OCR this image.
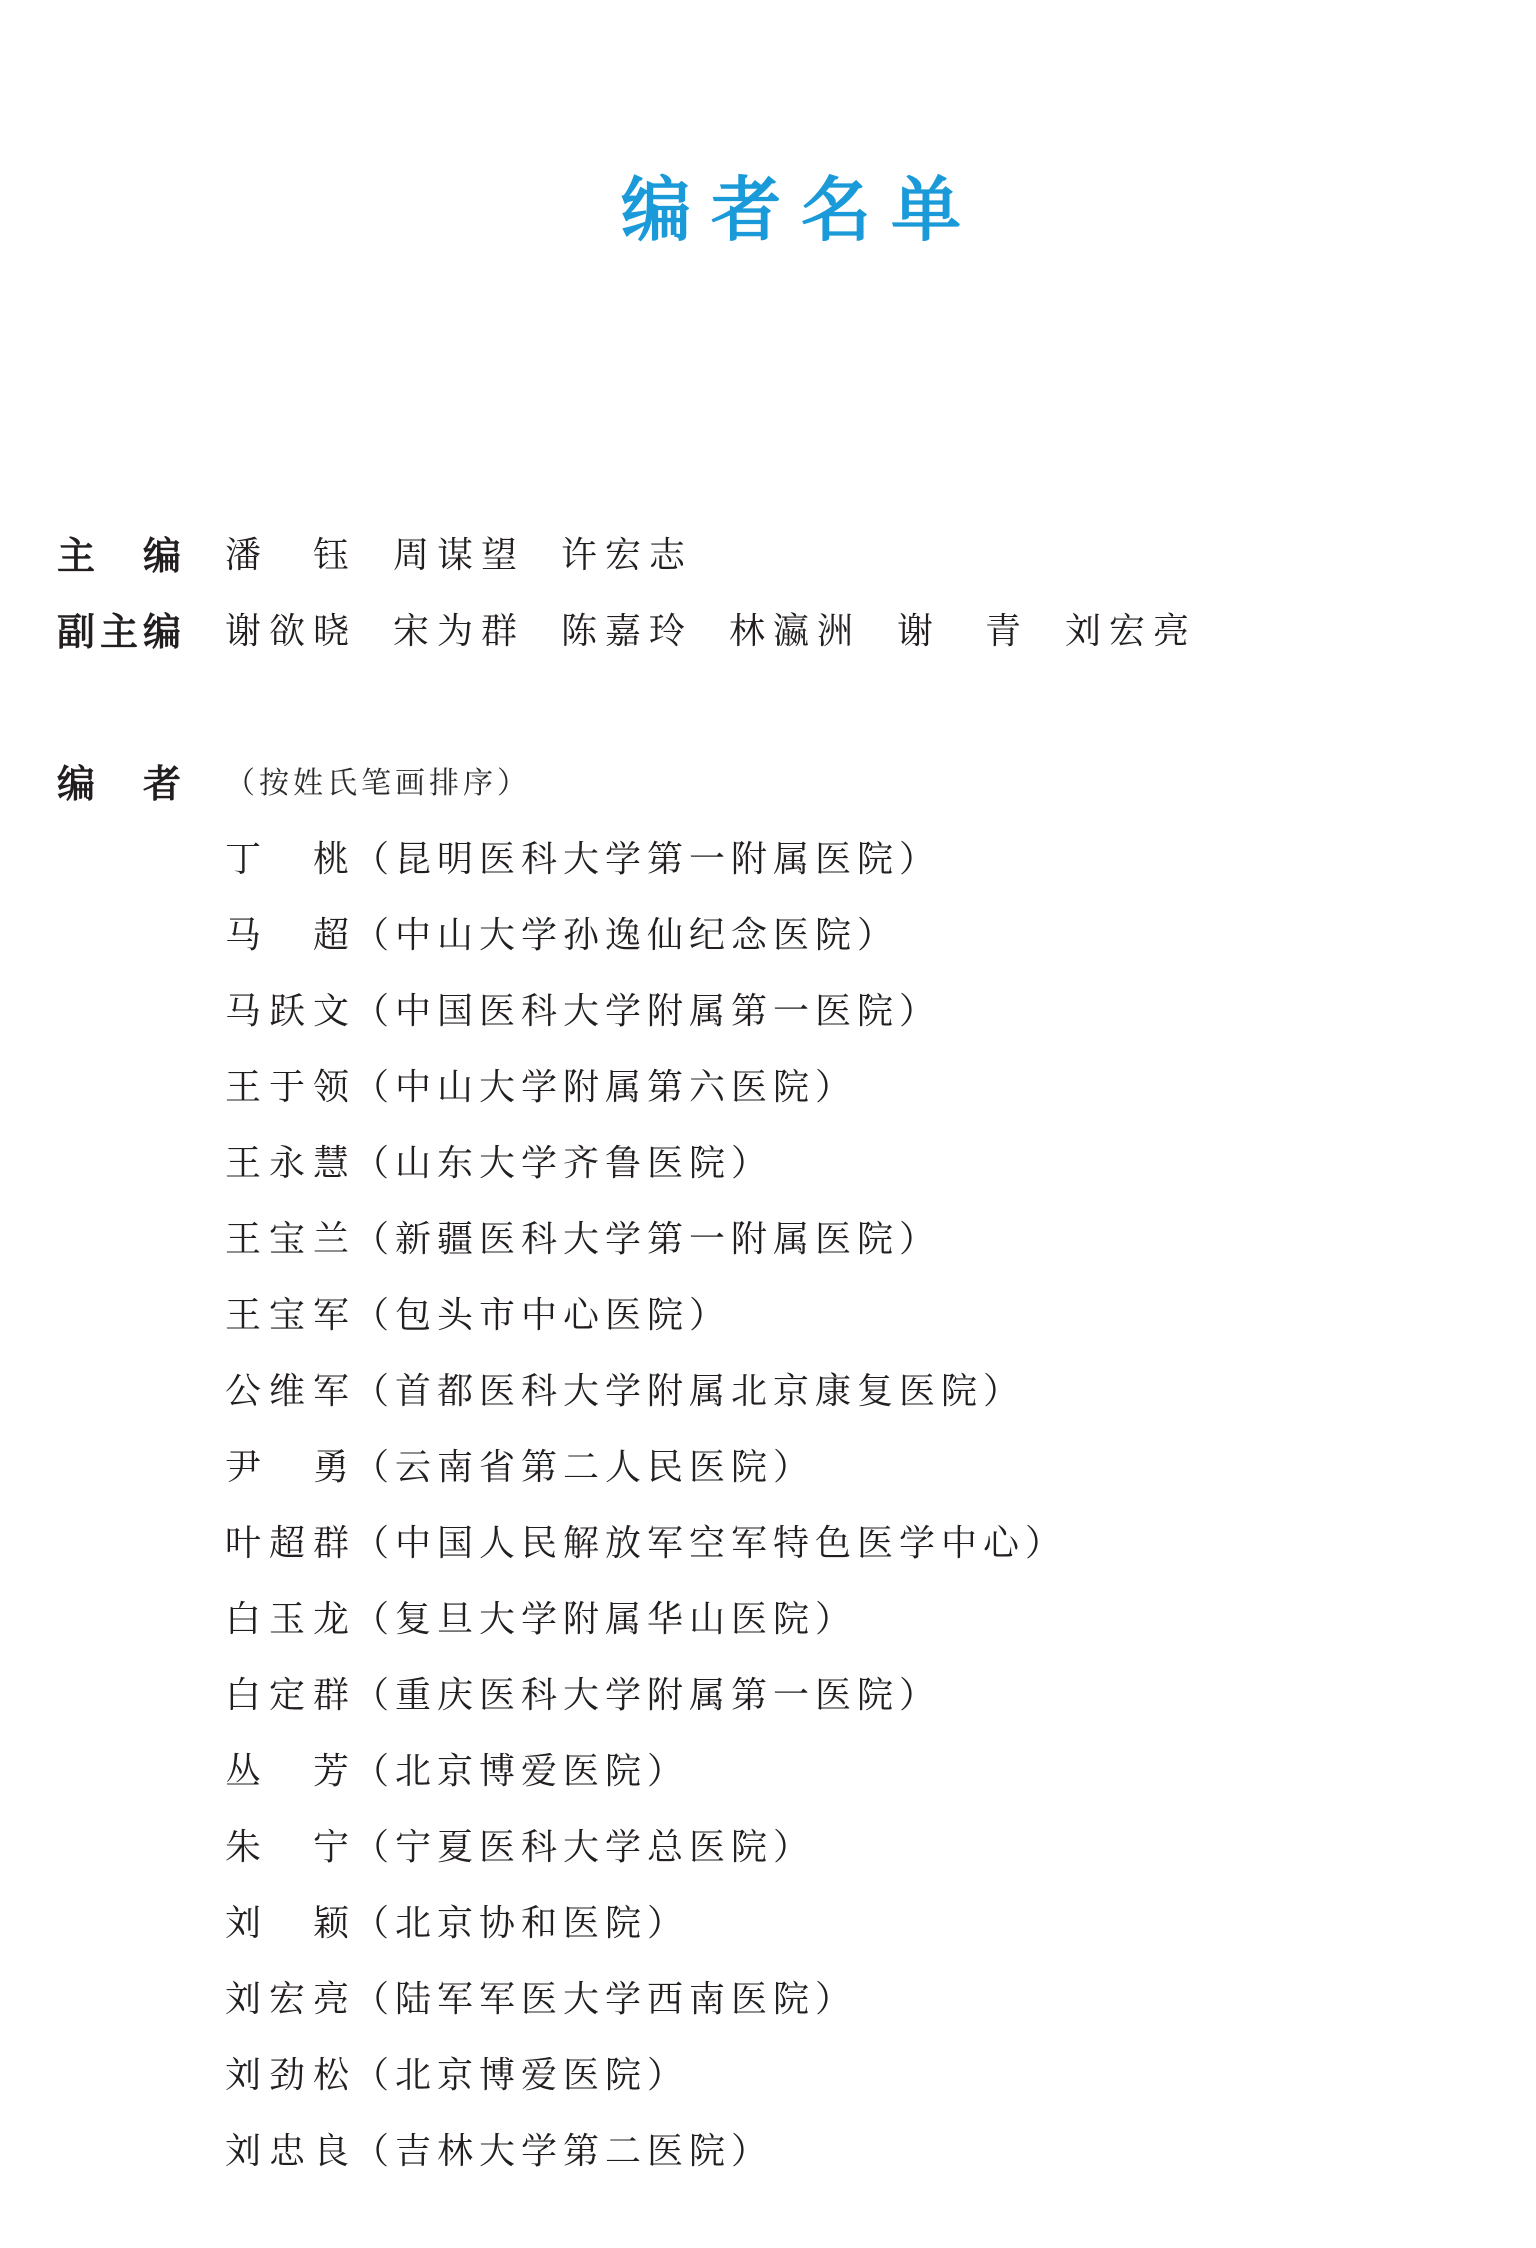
编者名单
主编 潘钰 周谋望 许宏志
副主编 谢欲晓 宋为群 陈嘉玲 林瀛洲 谢青 刘宏亮
编者 （按姓氏笔画排序）
丁桃 （昆明医科大学第一附属医院）
马超 （中山大学孙逸仙纪念医院）
马跃文 （中国医科大学附属第一医院）
王于领 （中山大学附属第六医院）
王永慧 （山东大学齐鲁医院）
王宝兰 （新疆医科大学第一附属医院）
王宝军 （包头市中心医院）
公维军 （首都医科大学附属北京康复医院）
尹勇 （云南省第二人民医院）
叶超群 （中国人民解放军空军特色医学中心）
白玉龙 （复旦大学附属华山医院）
白定群 （重庆医科大学附属第一医院）
丛芳 （北京博爱医院）
朱宁 （宁夏医科大学总医院）
刘颖 （北京协和医院）
刘宏亮 （陆军军医大学西南医院）
刘劲松 （北京博爱医院）
刘忠良 （吉林大学第二医院）
